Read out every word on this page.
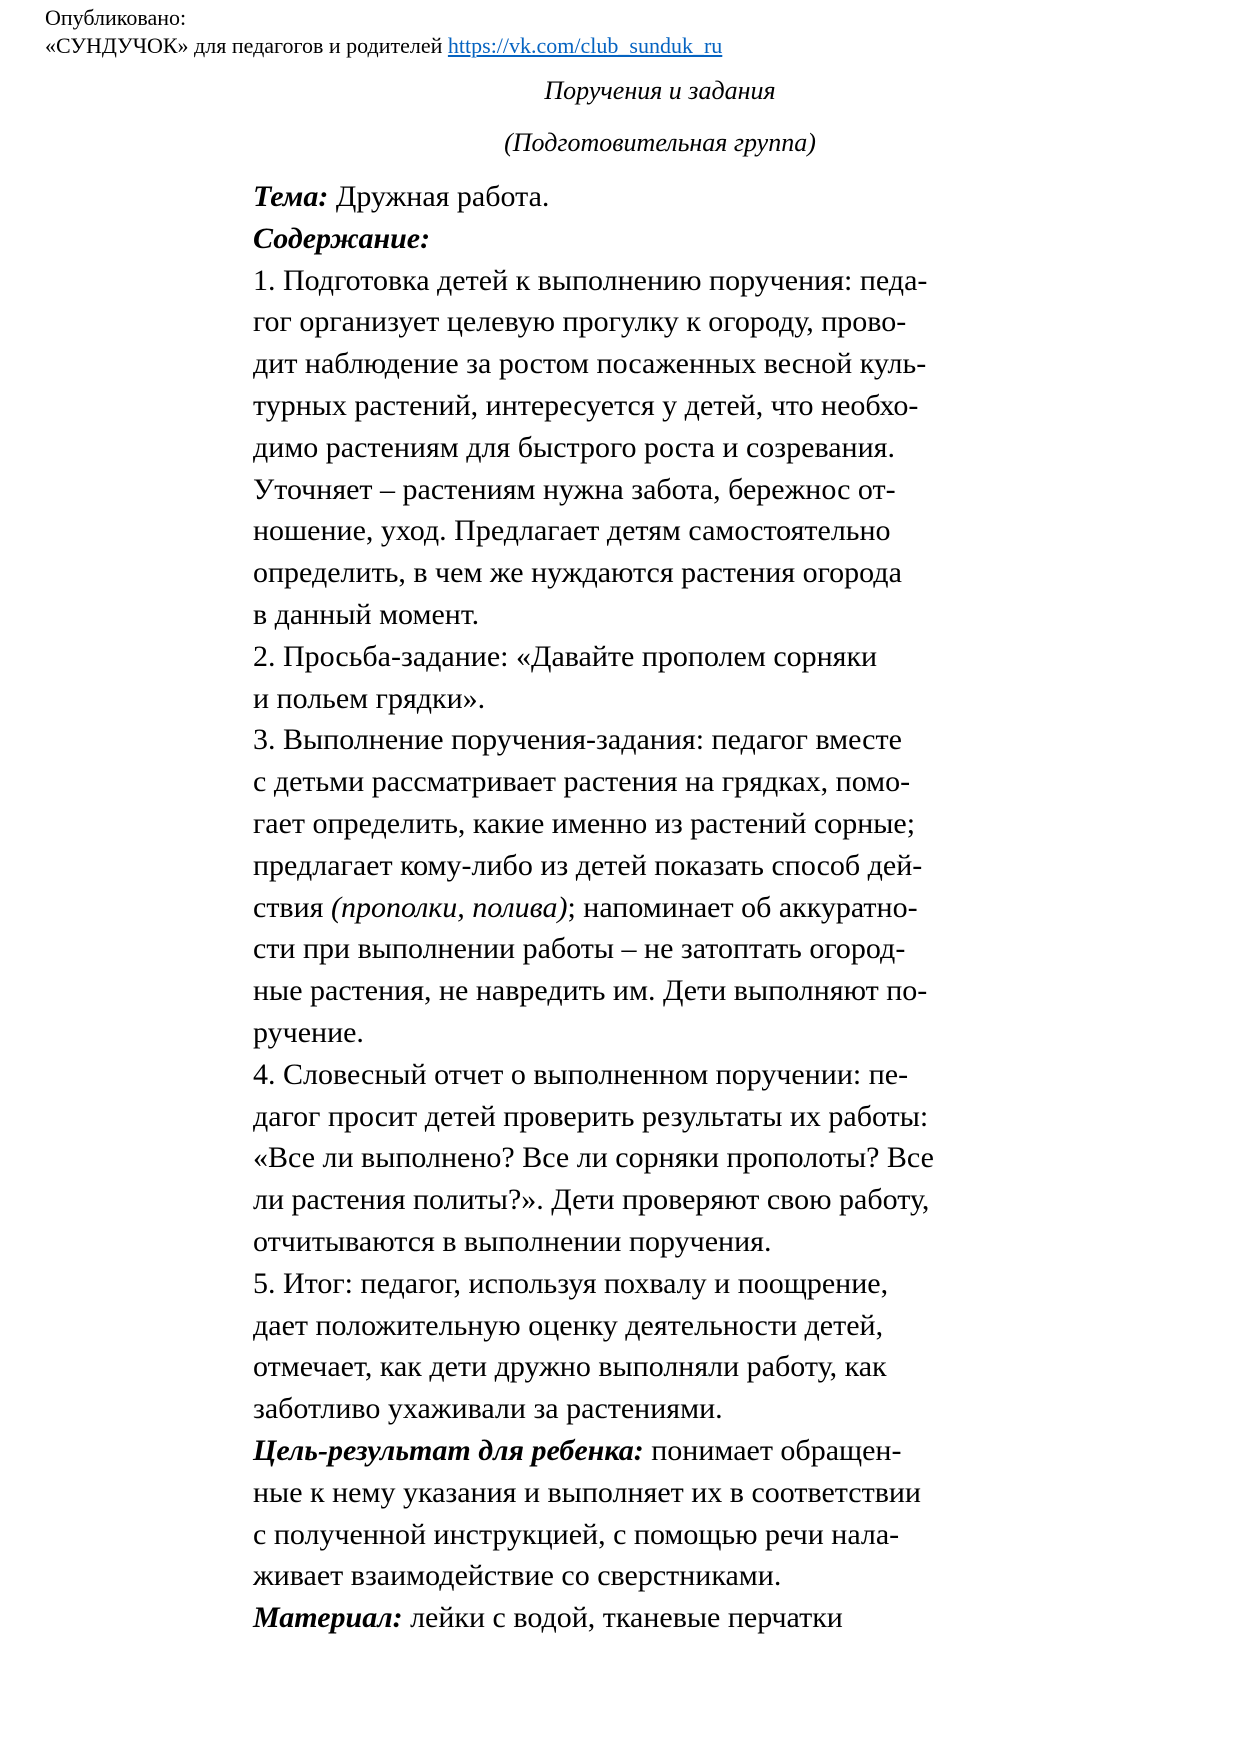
Опубликовано:
«СУНДУЧОК» для педагогов и родителей https://vk.com/club_sunduk_ru
Поручения и задания
(Подготовительная группа)
Тема: Дружная работа.
Содержание:
1. Подготовка детей к выполнению поручения: педа-
гог организует целевую прогулку к огороду, прово-
дит наблюдение за ростом посаженных весной куль-
турных растений, интересуется у детей, что необхо-
димо растениям для быстрого роста и созревания.
Уточняет – растениям нужна забота, бережнос от-
ношение, уход. Предлагает детям самостоятельно
определить, в чем же нуждаются растения огорода
в данный момент.
2. Просьба-задание: «Давайте прополем сорняки
и польем грядки».
3. Выполнение поручения-задания: педагог вместе
с детьми рассматривает растения на грядках, помо-
гает определить, какие именно из растений сорные;
предлагает кому-либо из детей показать способ дей-
ствия (прополки, полива); напоминает об аккуратно-
сти при выполнении работы – не затоптать огород-
ные растения, не навредить им. Дети выполняют по-
ручение.
4. Словесный отчет о выполненном поручении: пе-
дагог просит детей проверить результаты их работы:
«Все ли выполнено? Все ли сорняки прополоты? Все
ли растения политы?». Дети проверяют свою работу,
отчитываются в выполнении поручения.
5. Итог: педагог, используя похвалу и поощрение,
дает положительную оценку деятельности детей,
отмечает, как дети дружно выполняли работу, как
заботливо ухаживали за растениями.
Цель-результат для ребенка: понимает обращен-
ные к нему указания и выполняет их в соответствии
с полученной инструкцией, с помощью речи нала-
живает взаимодействие со сверстниками.
Материал: лейки с водой, тканевые перчатки
